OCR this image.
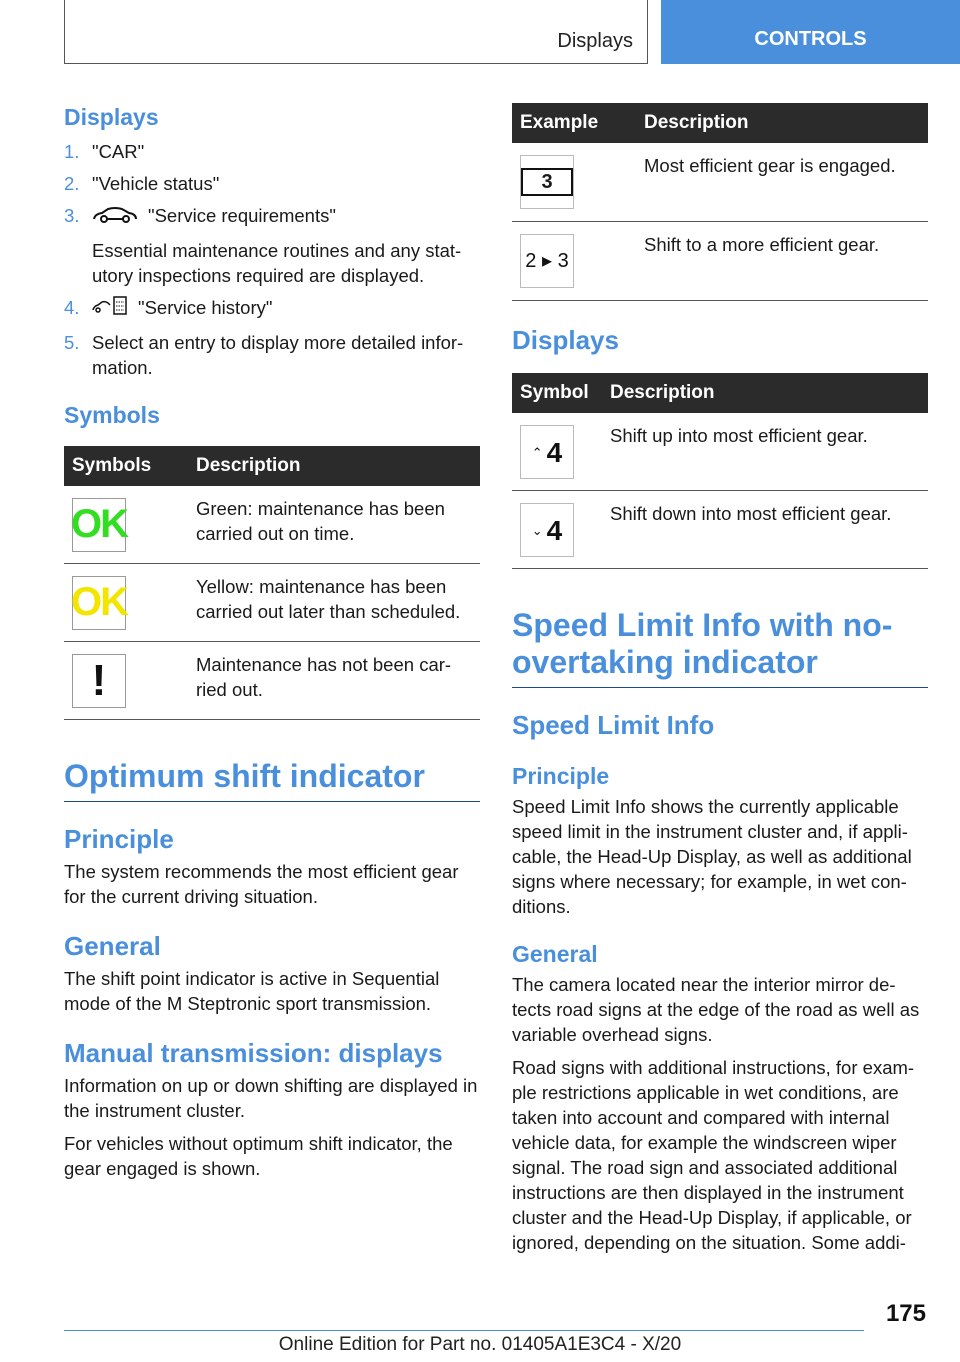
Displays	CONTROLS
Displays
1. "CAR"
2. "Vehicle status"
3.	"Service requirements"

Essential maintenance routines and any stat-utory inspections required are displayed.

4.	"Service history"
5. Select an entry to display more detailed infor-mation.
Symbols
Symbols	Description

OK	Green: maintenance has been carried out on time.

OK	Yellow: maintenance has been carried out later than scheduled.

!	Maintenance has not been car-ried out.
Optimum shift indicator
Principle

The system recommends the most efficient gear for the current driving situation.

General

The shift point indicator is active in Sequential mode of the M Steptronic sport transmission.

Manual transmission: displays

Information on up or down shifting are displayed in the instrument cluster.

For vehicles without optimum shift indicator, the gear engaged is shown.

Example	Description

3	Most efficient gear is engaged.

2 ▸ 3	Shift to a more efficient gear.
Displays
Symbol	Description

⌃ 4	Shift up into most efficient gear.

⌄ 4	Shift down into most efficient gear.
Speed Limit Info with no-overtaking indicator
Speed Limit Info
Principle

Speed Limit Info shows the currently applicable speed limit in the instrument cluster and, if appli-cable, the Head-Up Display, as well as additional signs where necessary; for example, in wet con-ditions.

General

The camera located near the interior mirror de-tects road signs at the edge of the road as well as variable overhead signs.

Road signs with additional instructions, for exam-ple restrictions applicable in wet conditions, are taken into account and compared with internal vehicle data, for example the windscreen wiper signal. The road sign and associated additional instructions are then displayed in the instrument cluster and the Head-Up Display, if applicable, or ignored, depending on the situation. Some addi-

175
Online Edition for Part no. 01405A1E3C4 - X/20
